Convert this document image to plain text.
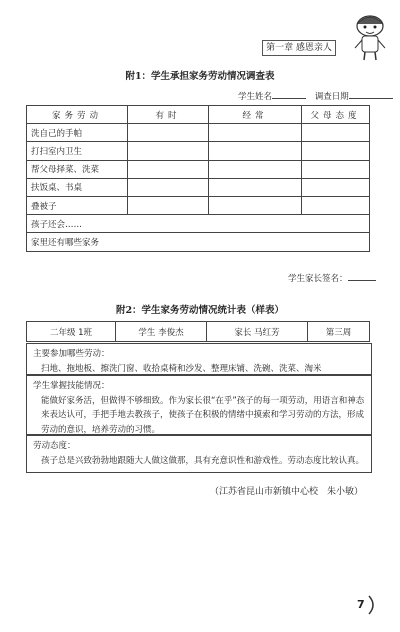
第一章 感恩亲人
附1：学生承担家务劳动情况调查表
学生姓名	调查日期
家务劳动	有时	经常	父母态度
洗自己的手帕			
打扫室内卫生			
帮父母择菜、洗菜			
扶饭桌、书桌			
叠被子			
孩子还会……			
家里还有哪些家务			
学生家长签名：
附2：学生家务劳动情况统计表（样表）
二年级 1班	学生 李俊杰	家长 马红芳	第三周
主要参加哪些劳动：
扫地、拖地板、擦洗门窗、收拾桌椅和沙发、整理床铺、洗碗、洗菜、淘米
学生掌握技能情况：
能做好家务活，但做得不够细致。作为家长很“在乎”孩子的每一项劳动，用语言和神态来表达认可，手把手地去教孩子，使孩子在积极的情绪中摸索和学习劳动的方法，形成劳动的意识，培养劳动的习惯。
劳动态度：
孩子总是兴致勃勃地跟随大人做这做那，具有充意识性和游戏性。劳动态度比较认真。
（江苏省昆山市新镇中心校　朱小敏）
7
